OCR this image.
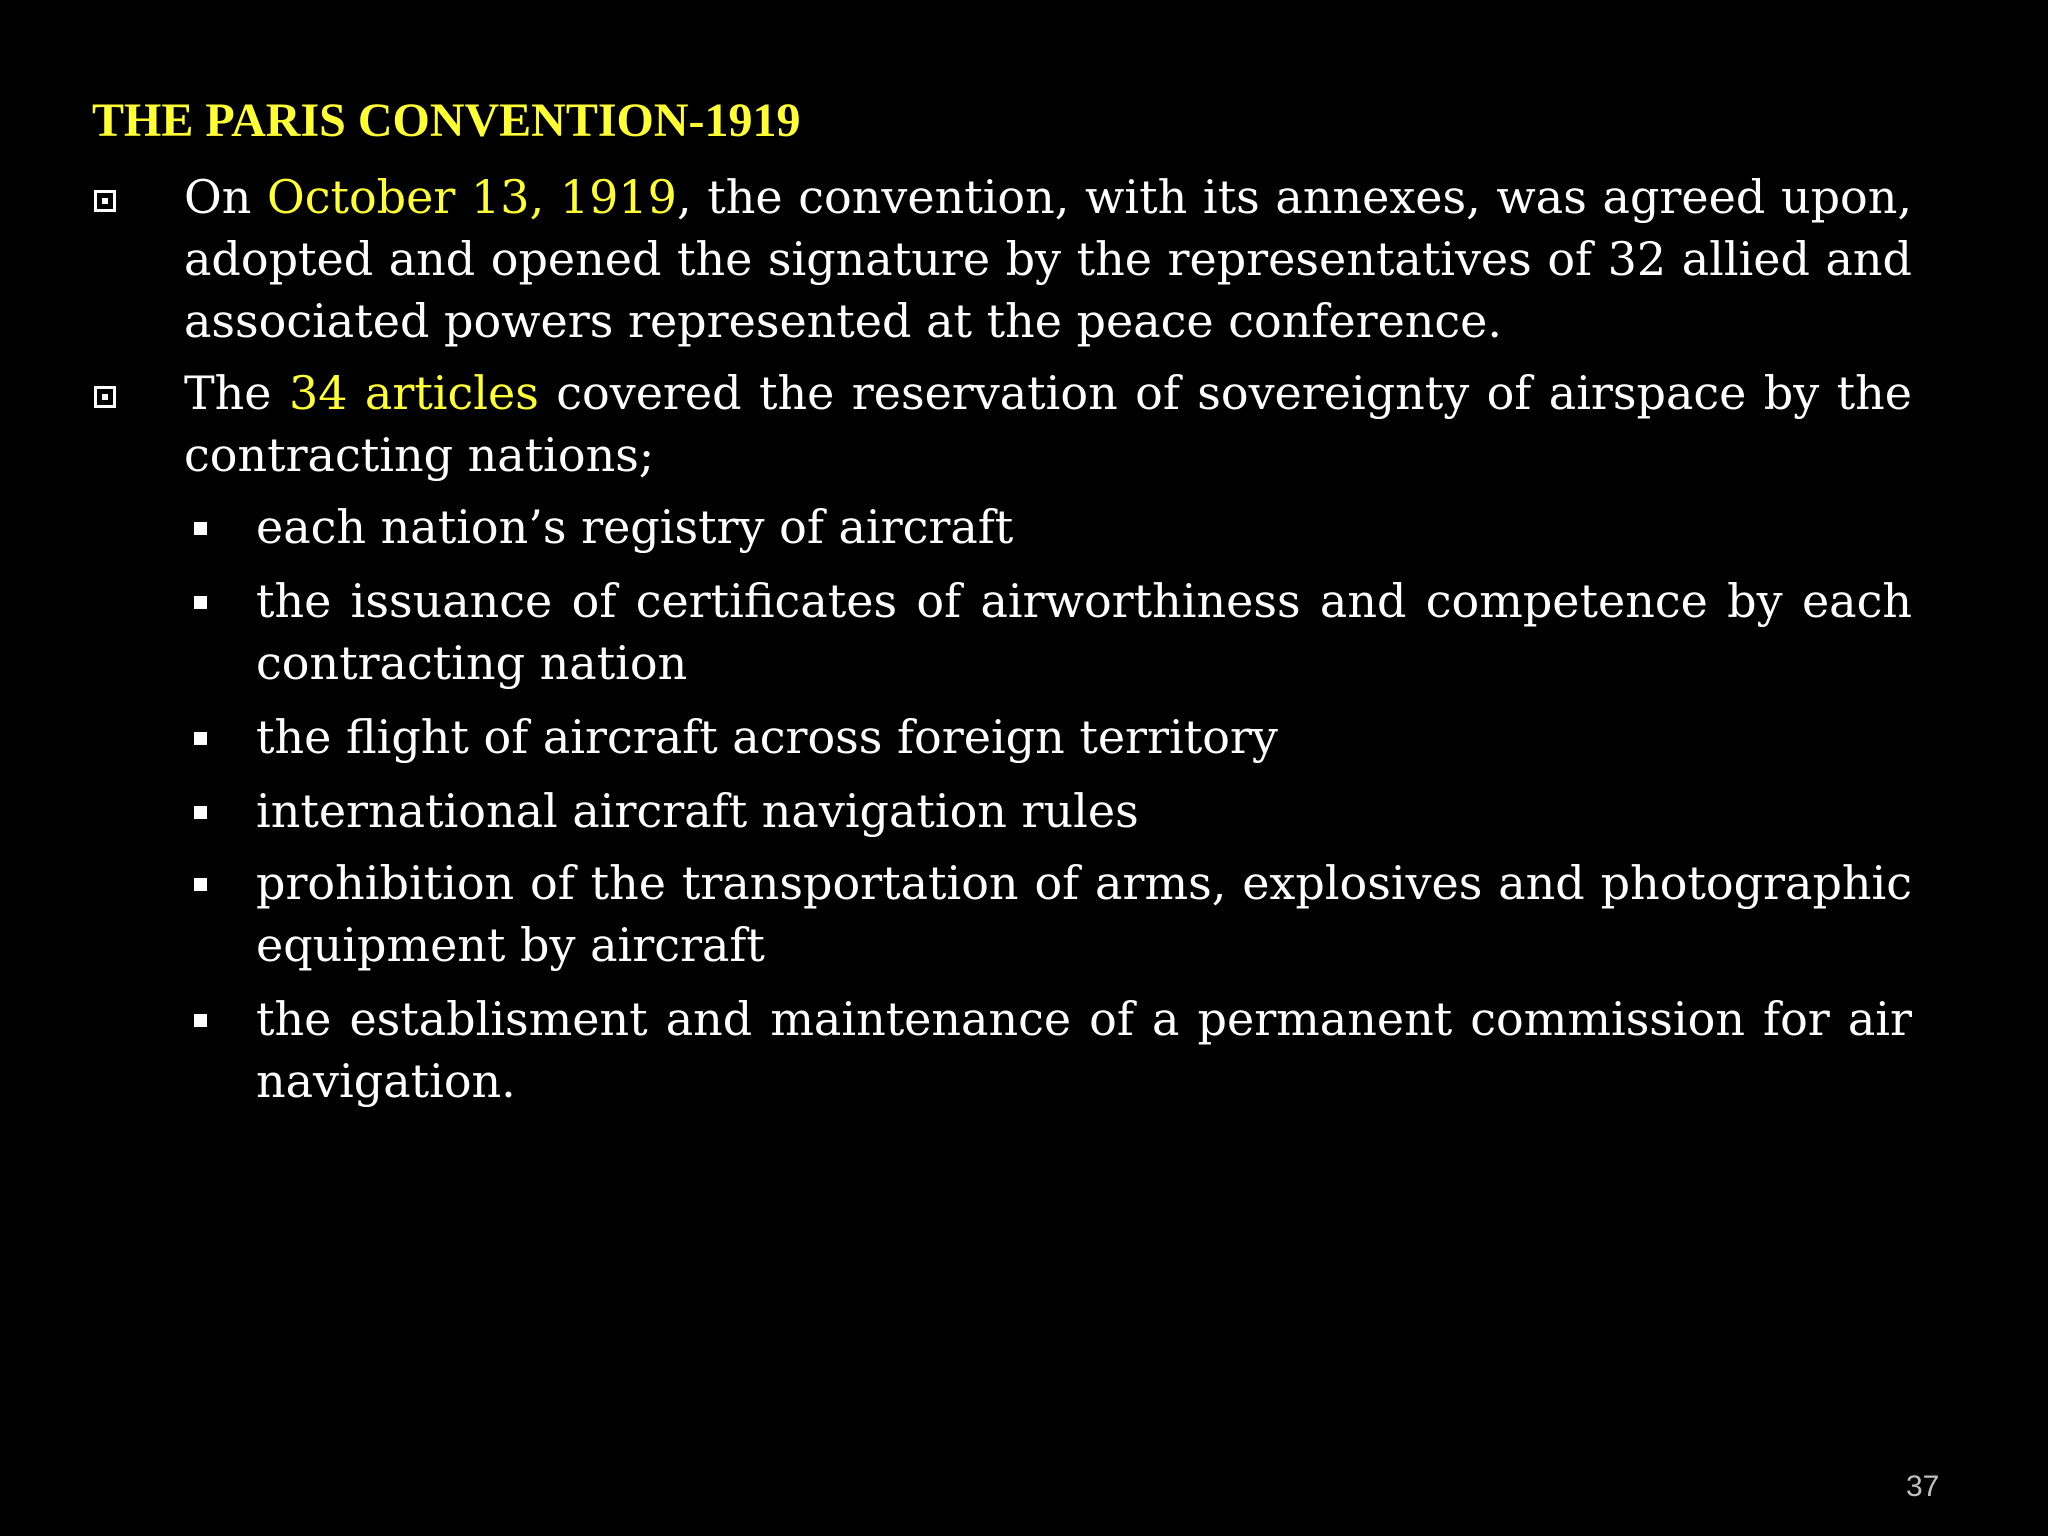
THE PARIS CONVENTION-1919
On October 13, 1919, the convention, with its annexes, was agreed upon, adopted and opened the signature by the representatives of 32 allied and associated powers represented at the peace conference.
The 34 articles covered the reservation of sovereignty of airspace by the contracting nations;
each nation’s registry of aircraft
the issuance of certificates of airworthiness and competence by each contracting nation
the flight of aircraft across foreign territory
international aircraft navigation rules
prohibition of the transportation of arms, explosives and photographic equipment by aircraft
the establisment and maintenance of a permanent commission for air navigation.
37
